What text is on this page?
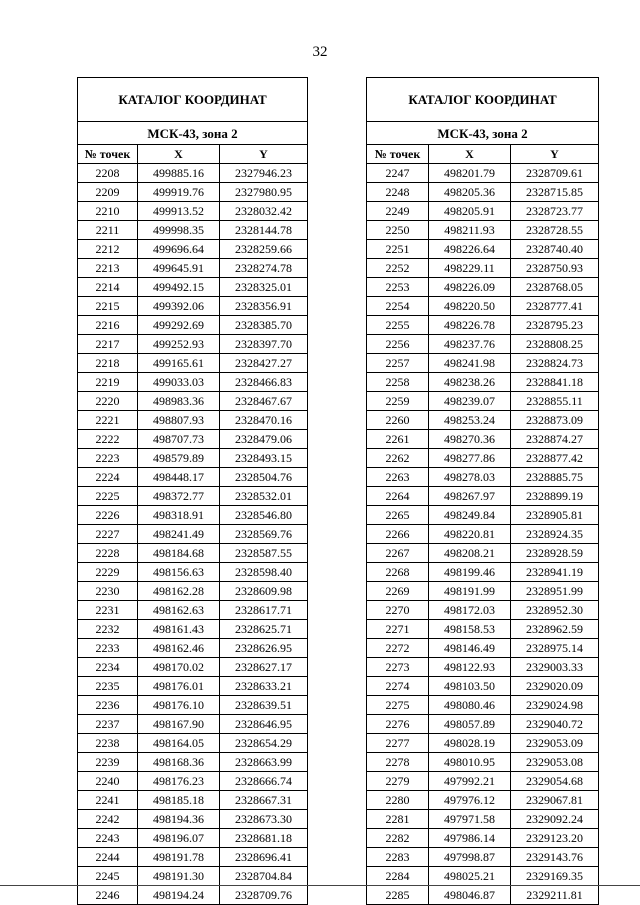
32
КАТАЛОГ КООРДИНАТ		
МСК-43, зона 2		
№ точек	X	Y
2208	499885.16	2327946.23
2209	499919.76	2327980.95
2210	499913.52	2328032.42
2211	499998.35	2328144.78
2212	499696.64	2328259.66
2213	499645.91	2328274.78
2214	499492.15	2328325.01
2215	499392.06	2328356.91
2216	499292.69	2328385.70
2217	499252.93	2328397.70
2218	499165.61	2328427.27
2219	499033.03	2328466.83
2220	498983.36	2328467.67
2221	498807.93	2328470.16
2222	498707.73	2328479.06
2223	498579.89	2328493.15
2224	498448.17	2328504.76
2225	498372.77	2328532.01
2226	498318.91	2328546.80
2227	498241.49	2328569.76
2228	498184.68	2328587.55
2229	498156.63	2328598.40
2230	498162.28	2328609.98
2231	498162.63	2328617.71
2232	498161.43	2328625.71
2233	498162.46	2328626.95
2234	498170.02	2328627.17
2235	498176.01	2328633.21
2236	498176.10	2328639.51
2237	498167.90	2328646.95
2238	498164.05	2328654.29
2239	498168.36	2328663.99
2240	498176.23	2328666.74
2241	498185.18	2328667.31
2242	498194.36	2328673.30
2243	498196.07	2328681.18
2244	498191.78	2328696.41
2245	498191.30	2328704.84
2246	498194.24	2328709.76
КАТАЛОГ КООРДИНАТ		
МСК-43, зона 2		
№ точек	X	Y
2247	498201.79	2328709.61
2248	498205.36	2328715.85
2249	498205.91	2328723.77
2250	498211.93	2328728.55
2251	498226.64	2328740.40
2252	498229.11	2328750.93
2253	498226.09	2328768.05
2254	498220.50	2328777.41
2255	498226.78	2328795.23
2256	498237.76	2328808.25
2257	498241.98	2328824.73
2258	498238.26	2328841.18
2259	498239.07	2328855.11
2260	498253.24	2328873.09
2261	498270.36	2328874.27
2262	498277.86	2328877.42
2263	498278.03	2328885.75
2264	498267.97	2328899.19
2265	498249.84	2328905.81
2266	498220.81	2328924.35
2267	498208.21	2328928.59
2268	498199.46	2328941.19
2269	498191.99	2328951.99
2270	498172.03	2328952.30
2271	498158.53	2328962.59
2272	498146.49	2328975.14
2273	498122.93	2329003.33
2274	498103.50	2329020.09
2275	498080.46	2329024.98
2276	498057.89	2329040.72
2277	498028.19	2329053.09
2278	498010.95	2329053.08
2279	497992.21	2329054.68
2280	497976.12	2329067.81
2281	497971.58	2329092.24
2282	497986.14	2329123.20
2283	497998.87	2329143.76
2284	498025.21	2329169.35
2285	498046.87	2329211.81
